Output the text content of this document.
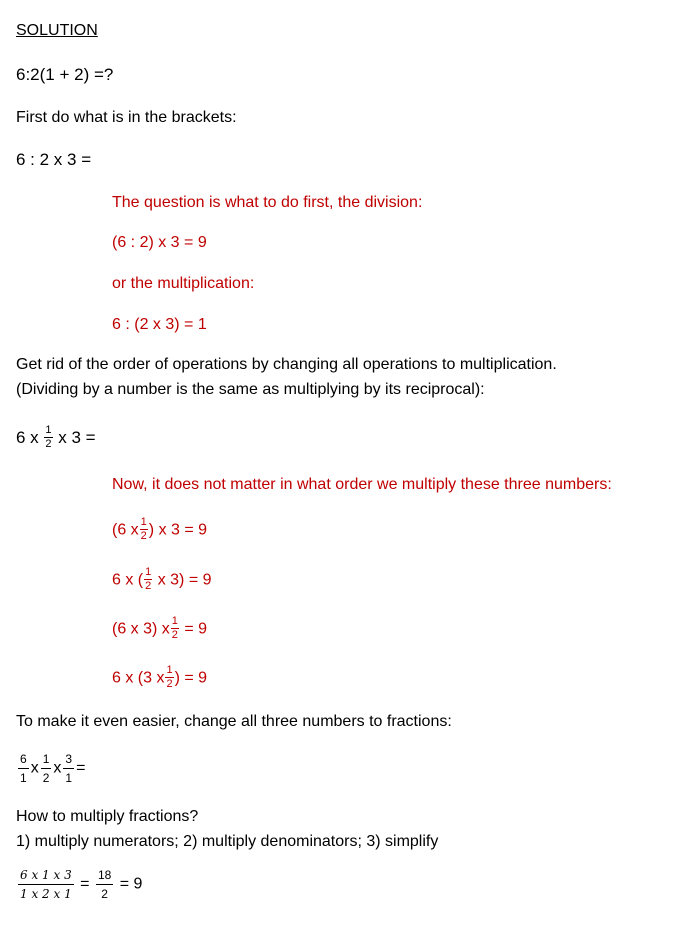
SOLUTION
6:2(1 + 2) =?
First do what is in the brackets:
6 : 2 x 3 =
The question is what to do first, the division:
(6 : 2) x 3 = 9
or the multiplication:
6 : (2 x 3) = 1
Get rid of the order of operations by changing all operations to multiplication.
(Dividing by a number is the same as multiplying by its reciprocal):
6 x $\frac{1}{2}$ x 3 =
Now, it does not matter in what order we multiply these three numbers:
(6 x $\frac{1}{2}$ ) x 3 = 9
6 x ( $\frac{1}{2}$ x 3) = 9
(6 x 3) x $\frac{1}{2} = 9$
6 x (3 x $\frac{1}{2}$ ) = 9
To make it even easier, change all three numbers to fractions:
$\frac{6}{1}$ x $\frac{1}{2}$ x $\frac{3}{1}$ =
How to multiply fractions?
1) multiply numerators; 2) multiply denominators; 3) simplify
$\frac{6 x 1 x 3}{1 x 2 x 1} = \frac{18}{2} = 9$
